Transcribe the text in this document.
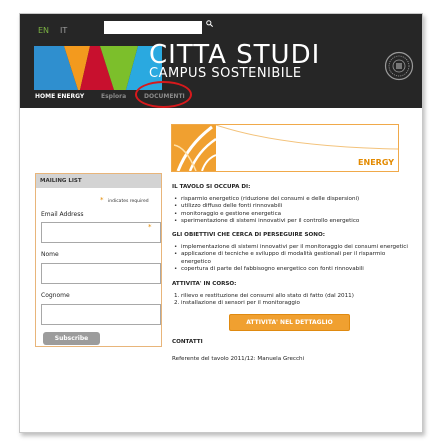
EN IT
CITTA STUDI
CAMPUS SOSTENIBILE
HOME ENERGY	Esplora	DOCUMENTI
ENERGY
MAILING LIST
* indicates required
Email Address
*
Nome
Cognome
Subscribe

IL TAVOLO SI OCCUPA DI:

• risparmio energetico (riduzione dei consumi e delle dispersioni)
• utilizzo diffuso delle fonti rinnovabili
• monitoraggio e gestione energetica
• sperimentazione di sistemi innovativi per il controllo energetico

GLI OBIETTIVI CHE CERCA DI PERSEGUIRE SONO:

• implementazione di sistemi innovativi per il monitoraggio dei consumi energetici
• applicazione di tecniche e sviluppo di modalità gestionali per il risparmio energetico
• copertura di parte del fabbisogno energetico con fonti rinnovabili

ATTIVITA' IN CORSO:

1. rilievo e restituzione dei consumi allo stato di fatto (dal 2011)
2. installazione di sensori per il monitoraggio
ATTIVITA' NEL DETTAGLIO

CONTATTI

Referente del tavolo 2011/12: Manuela Grecchi
